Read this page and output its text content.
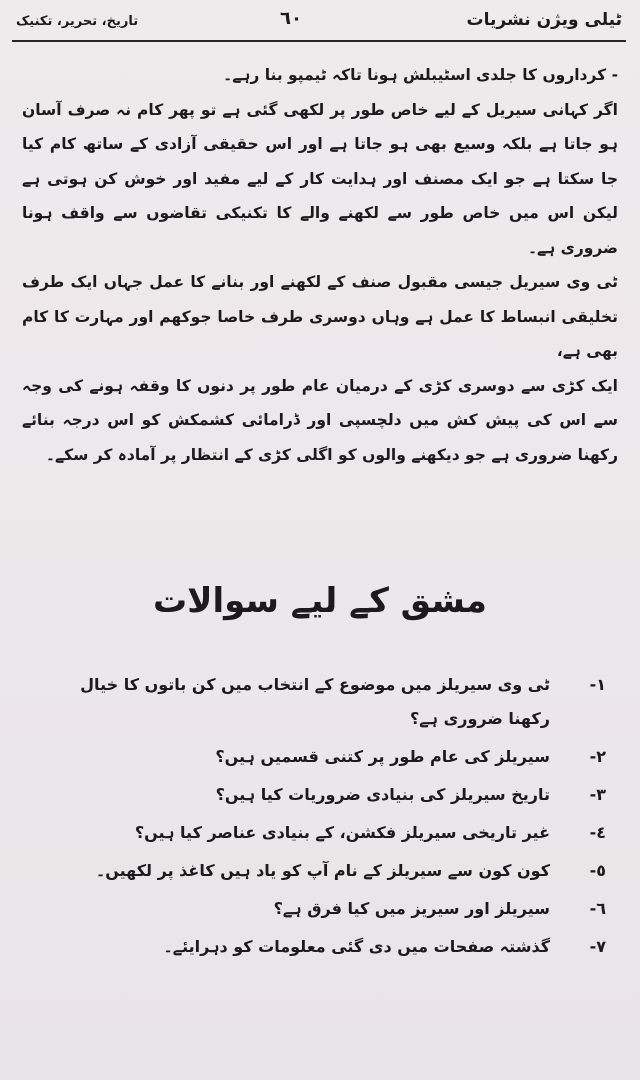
ٹیلی ویژن نشریات
٦٠
تاریخ، تحریر، تکنیک

- کرداروں کا جلدی اسٹیبلش ہونا تاکہ ٹیمپو بنا رہے۔

اگر کہانی سیریل کے لیے خاص طور پر لکھی گئی ہے تو پھر کام نہ صرف آسان ہو جاتا ہے بلکہ وسیع بھی ہو جاتا ہے اور اس حقیقی آزادی کے ساتھ کام کیا جا سکتا ہے جو ایک مصنف اور ہدایت کار کے لیے مفید اور خوش کن ہوتی ہے لیکن اس میں خاص طور سے لکھنے والے کا تکنیکی تقاضوں سے واقف ہونا ضروری ہے۔

ٹی وی سیریل جیسی مقبول صنف کے لکھنے اور بنانے کا عمل جہاں ایک طرف تخلیقی انبساط کا عمل ہے وہاں دوسری طرف خاصا جوکھم اور مہارت کا کام بھی ہے،

ایک کڑی سے دوسری کڑی کے درمیان عام طور پر دنوں کا وقفہ ہونے کی وجہ سے اس کی پیش کش میں دلچسپی اور ڈرامائی کشمکش کو اس درجہ بنائے رکھنا ضروری ہے جو دیکھنے والوں کو اگلی کڑی کے انتظار پر آمادہ کر سکے۔

مشق کے لیے سوالات
١-
ٹی وی سیریلز میں موضوع کے انتخاب میں کن باتوں کا خیال رکھنا ضروری ہے؟
٢-
سیریلز کی عام طور پر کتنی قسمیں ہیں؟
٣-
تاریخ سیریلز کی بنیادی ضروریات کیا ہیں؟
٤-
غیر تاریخی سیریلز فکشن، کے بنیادی عناصر کیا ہیں؟
٥-
کون کون سے سیریلز کے نام آپ کو یاد ہیں کاغذ پر لکھیں۔
٦-
سیریلز اور سیریز میں کیا فرق ہے؟
٧-
گذشتہ صفحات میں دی گئی معلومات کو دہرایئے۔
